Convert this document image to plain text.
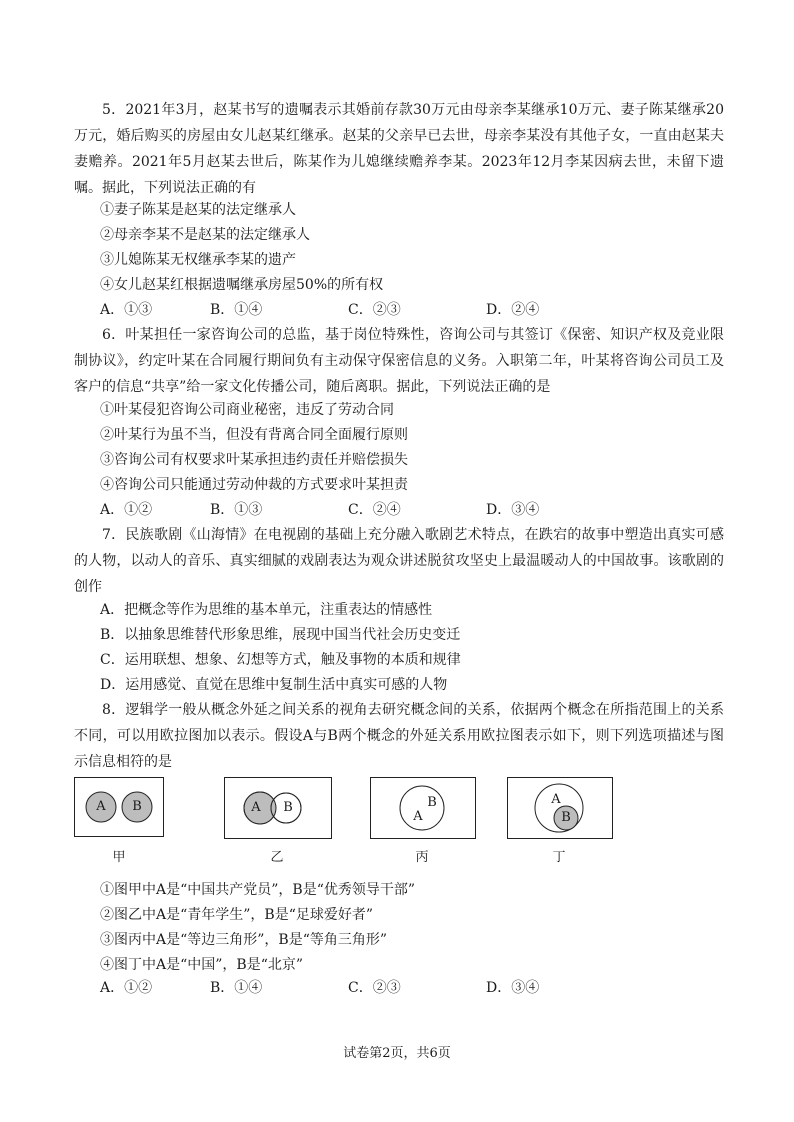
5．2021年3月，赵某书写的遗嘱表示其婚前存款30万元由母亲李某继承10万元、妻子陈某继承20万元，婚后购买的房屋由女儿赵某红继承。赵某的父亲早已去世，母亲李某没有其他子女，一直由赵某夫妻赡养。2021年5月赵某去世后，陈某作为儿媳继续赡养李某。2023年12月李某因病去世，未留下遗嘱。据此，下列说法正确的有
①妻子陈某是赵某的法定继承人
②母亲李某不是赵某的法定继承人
③儿媳陈某无权继承李某的遗产
④女儿赵某红根据遗嘱继承房屋50%的所有权
A．①③	B．①④	C．②③	D．②④
6．叶某担任一家咨询公司的总监，基于岗位特殊性，咨询公司与其签订《保密、知识产权及竞业限制协议》，约定叶某在合同履行期间负有主动保守保密信息的义务。入职第二年，叶某将咨询公司员工及客户的信息“共享”给一家文化传播公司，随后离职。据此，下列说法正确的是
①叶某侵犯咨询公司商业秘密，违反了劳动合同
②叶某行为虽不当，但没有背离合同全面履行原则
③咨询公司有权要求叶某承担违约责任并赔偿损失
④咨询公司只能通过劳动仲裁的方式要求叶某担责
A．①②	B．①③	C．②④	D．③④
7．民族歌剧《山海情》在电视剧的基础上充分融入歌剧艺术特点，在跌宕的故事中塑造出真实可感的人物，以动人的音乐、真实细腻的戏剧表达为观众讲述脱贫攻坚史上最温暖动人的中国故事。该歌剧的创作
A．把概念等作为思维的基本单元，注重表达的情感性
B．以抽象思维替代形象思维，展现中国当代社会历史变迁
C．运用联想、想象、幻想等方式，触及事物的本质和规律
D．运用感觉、直觉在思维中复制生活中真实可感的人物
8．逻辑学一般从概念外延之间关系的视角去研究概念间的关系，依据两个概念在所指范围上的关系不同，可以用欧拉图加以表示。假设A与B两个概念的外延关系用欧拉图表示如下，则下列选项描述与图示信息相符的是
A	B
甲
A	B
乙
B
A
丙
A
B
丁
①图甲中A是“中国共产党员”，B是“优秀领导干部”
②图乙中A是“青年学生”，B是“足球爱好者”
③图丙中A是“等边三角形”，B是“等角三角形”
④图丁中A是“中国”，B是“北京”
A．①②	B．①④	C．②③	D．③④
试卷第2页，共6页
